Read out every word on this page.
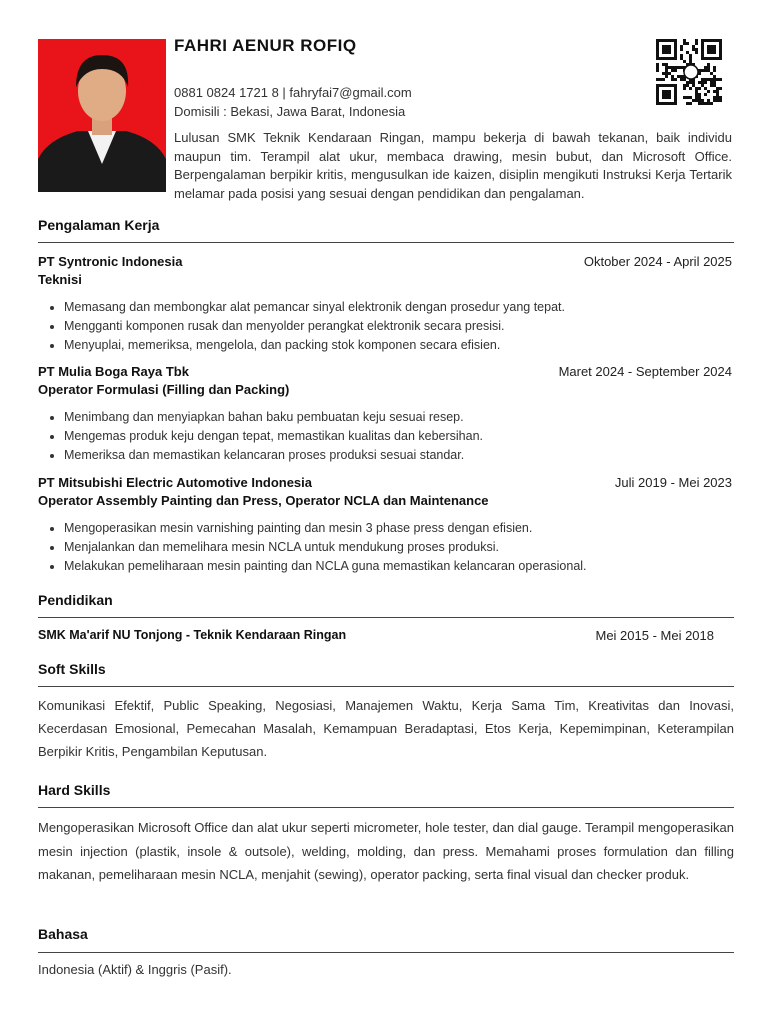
FAHRI AENUR ROFIQ
0881 0824 1721 8 | fahryfai7@gmail.com
Domisili : Bekasi, Jawa Barat, Indonesia
Lulusan SMK Teknik Kendaraan Ringan, mampu bekerja di bawah tekanan, baik individu maupun tim. Terampil alat ukur, membaca drawing, mesin bubut, dan Microsoft Office. Berpengalaman berpikir kritis, mengusulkan ide kaizen, disiplin mengikuti Instruksi Kerja Tertarik melamar pada posisi yang sesuai dengan pendidikan dan pengalaman.
Pengalaman Kerja
PT Syntronic Indonesia	Oktober 2024 - April 2025
Teknisi
• Memasang dan membongkar alat pemancar sinyal elektronik dengan prosedur yang tepat.
• Mengganti komponen rusak dan menyolder perangkat elektronik secara presisi.
• Menyuplai, memeriksa, mengelola, dan packing stok komponen secara efisien.
PT Mulia Boga Raya Tbk	Maret 2024 - September 2024
Operator Formulasi (Filling dan Packing)
• Menimbang dan menyiapkan bahan baku pembuatan keju sesuai resep.
• Mengemas produk keju dengan tepat, memastikan kualitas dan kebersihan.
• Memeriksa dan memastikan kelancaran proses produksi sesuai standar.
PT Mitsubishi Electric Automotive Indonesia	Juli 2019 - Mei 2023
Operator Assembly Painting dan Press, Operator NCLA dan Maintenance
• Mengoperasikan mesin varnishing painting dan mesin 3 phase press dengan efisien.
• Menjalankan dan memelihara mesin NCLA untuk mendukung proses produksi.
• Melakukan pemeliharaan mesin painting dan NCLA guna memastikan kelancaran operasional.
Pendidikan
SMK Ma'arif NU Tonjong - Teknik Kendaraan Ringan	Mei 2015 - Mei 2018
Soft Skills
Komunikasi Efektif, Public Speaking, Negosiasi, Manajemen Waktu, Kerja Sama Tim, Kreativitas dan Inovasi, Kecerdasan Emosional, Pemecahan Masalah, Kemampuan Beradaptasi, Etos Kerja, Kepemimpinan, Keterampilan Berpikir Kritis, Pengambilan Keputusan.
Hard Skills
Mengoperasikan Microsoft Office dan alat ukur seperti micrometer, hole tester, dan dial gauge. Terampil mengoperasikan mesin injection (plastik, insole & outsole), welding, molding, dan press. Memahami proses formulation dan filling makanan, pemeliharaan mesin NCLA, menjahit (sewing), operator packing, serta final visual dan checker produk.
Bahasa
Indonesia (Aktif) & Inggris (Pasif).
